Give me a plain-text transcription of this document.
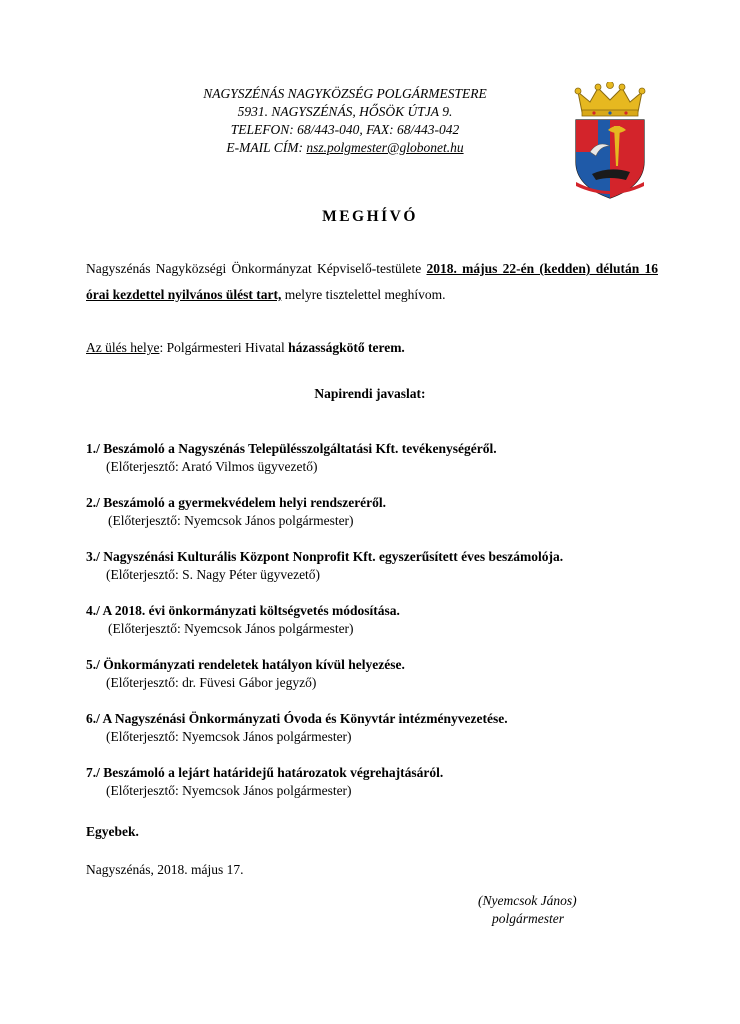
NAGYSZÉNÁS NAGYKÖZSÉG POLGÁRMESTERE
5931. NAGYSZÉNÁS, HŐSÖK ÚTJA 9.
TELEFON: 68/443-040, FAX: 68/443-042
E-MAIL CÍM: nsz.polgmester@globonet.hu
MEGHÍVÓ
Nagyszénás Nagyközségi Önkormányzat Képviselő-testülete 2018. május 22-én (kedden) délután 16 órai kezdettel nyilvános ülést tart, melyre tisztelettel meghívom.
Az ülés helye: Polgármesteri Hivatal házasságkötő terem.
Napirendi javaslat:
1./ Beszámoló a Nagyszénás Településszolgáltatási Kft. tevékenységéről.
(Előterjesztő: Arató Vilmos ügyvezető)
2./ Beszámoló a gyermekvédelem helyi rendszeréről.
(Előterjesztő: Nyemcsok János polgármester)
3./ Nagyszénási Kulturális Központ Nonprofit Kft. egyszerűsített éves beszámolója.
(Előterjesztő: S. Nagy Péter ügyvezető)
4./ A 2018. évi önkormányzati költségvetés módosítása.
(Előterjesztő: Nyemcsok János polgármester)
5./ Önkormányzati rendeletek hatályon kívül helyezése.
(Előterjesztő: dr. Füvesi Gábor jegyző)
6./ A Nagyszénási Önkormányzati Óvoda és Könyvtár intézményvezetése.
(Előterjesztő: Nyemcsok János polgármester)
7./ Beszámoló a lejárt határidejű határozatok végrehajtásáról.
(Előterjesztő: Nyemcsok János polgármester)
Egyebek.
Nagyszénás, 2018. május 17.
(Nyemcsok János)
polgármester
